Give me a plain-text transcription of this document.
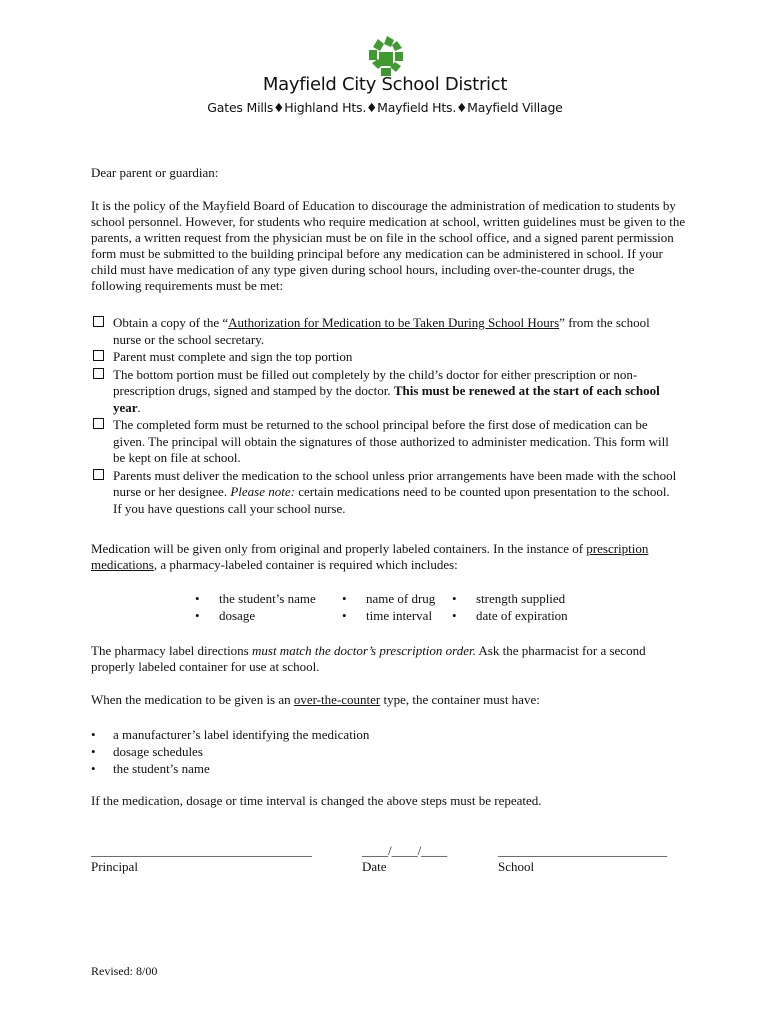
Mayfield City School District
Gates Mills♦Highland Hts.♦Mayfield Hts.♦Mayfield Village

Dear parent or guardian:

It is the policy of the Mayfield Board of Education to discourage the administration of medication to students by school personnel. However, for students who require medication at school, written guidelines must be given to the parents, a written request from the physician must be on file in the school office, and a signed parent permission form must be submitted to the building principal before any medication can be administered in school. If your child must have medication of any type given during school hours, including over-the-counter drugs, the following requirements must be met:

Obtain a copy of the “Authorization for Medication to be Taken During School Hours” from the school nurse or the school secretary.
Parent must complete and sign the top portion
The bottom portion must be filled out completely by the child’s doctor for either prescription or non-prescription drugs, signed and stamped by the doctor. This must be renewed at the start of each school year.
The completed form must be returned to the school principal before the first dose of medication can be given. The principal will obtain the signatures of those authorized to administer medication. This form will be kept on file at school.
Parents must deliver the medication to the school unless prior arrangements have been made with the school nurse or her designee. Please note: certain medications need to be counted upon presentation to the school. If you have questions call your school nurse.

Medication will be given only from original and properly labeled containers. In the instance of prescription medications, a pharmacy-labeled container is required which includes:

• the student’s name
• dosage
• name of drug
• time interval
• strength supplied
• date of expiration

The pharmacy label directions must match the doctor’s prescription order. Ask the pharmacist for a second properly labeled container for use at school.

When the medication to be given is an over-the-counter type, the container must have:

• a manufacturer’s label identifying the medication
• dosage schedules
• the student’s name

If the medication, dosage or time interval is changed the above steps must be repeated.

__________________________________
Principal
____/____/____
Date
__________________________
School

Revised: 8/00
